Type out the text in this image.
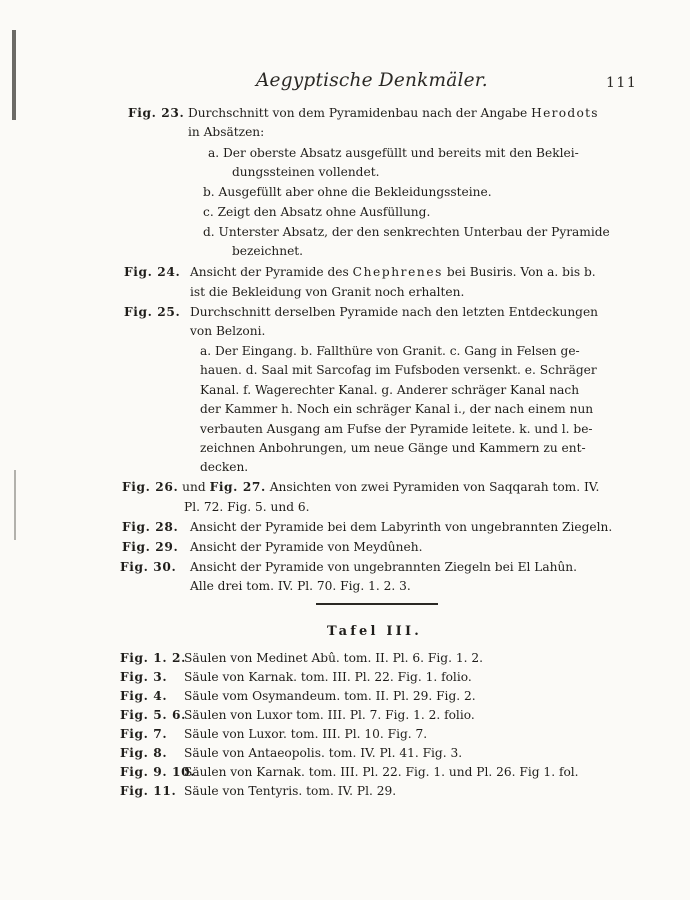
Aegyptische Denkmäler.	111
Fig. 23. Durchschnitt von dem Pyramidenbau nach der Angabe Herodots
in Absätzen:
a. Der oberste Absatz ausgefüllt und bereits mit den Beklei-
dungssteinen vollendet.
b. Ausgefüllt aber ohne die Bekleidungssteine.
c. Zeigt den Absatz ohne Ausfüllung.
d. Unterster Absatz, der den senkrechten Unterbau der Pyramide
bezeichnet.
Fig. 24. Ansicht der Pyramide des Chephrenes bei Busiris. Von a. bis b.
ist die Bekleidung von Granit noch erhalten.
Fig. 25. Durchschnitt derselben Pyramide nach den letzten Entdeckungen
von Belzoni.
a. Der Eingang. b. Fallthüre von Granit. c. Gang in Felsen ge-
hauen. d. Saal mit Sarcofag im Fufsboden versenkt. e. Schräger
Kanal. f. Wagerechter Kanal. g. Anderer schräger Kanal nach
der Kammer h. Noch ein schräger Kanal i., der nach einem nun
verbauten Ausgang am Fufse der Pyramide leitete. k. und l. be-
zeichnen Anbohrungen, um neue Gänge und Kammern zu ent-
decken.
Fig. 26. und Fig. 27. Ansichten von zwei Pyramiden von Saqqarah tom. IV.
Pl. 72. Fig. 5. und 6.
Fig. 28. Ansicht der Pyramide bei dem Labyrinth von ungebrannten Ziegeln.
Fig. 29. Ansicht der Pyramide von Meydûneh.
Fig. 30. Ansicht der Pyramide von ungebrannten Ziegeln bei El Lahûn.
Alle drei tom. IV. Pl. 70. Fig. 1. 2. 3.
Tafel III.
Fig. 1. 2.
Säulen von Medinet Abû. tom. II. Pl. 6. Fig. 1. 2.
Fig. 3. Säule von Karnak. tom. III. Pl. 22. Fig. 1. folio.
Fig. 4. Säule vom Osymandeum. tom. II. Pl. 29. Fig. 2.
Fig. 5. 6.
Säulen von Luxor tom. III. Pl. 7. Fig. 1. 2. folio.
Fig. 7. Säule von Luxor. tom. III. Pl. 10. Fig. 7.
Fig. 8. Säule von Antaeopolis. tom. IV. Pl. 41. Fig. 3.
Fig. 9. 10.
Säulen von Karnak. tom. III. Pl. 22. Fig. 1. und Pl. 26. Fig 1. fol.
Fig. 11. Säule von Tentyris. tom. IV. Pl. 29.
